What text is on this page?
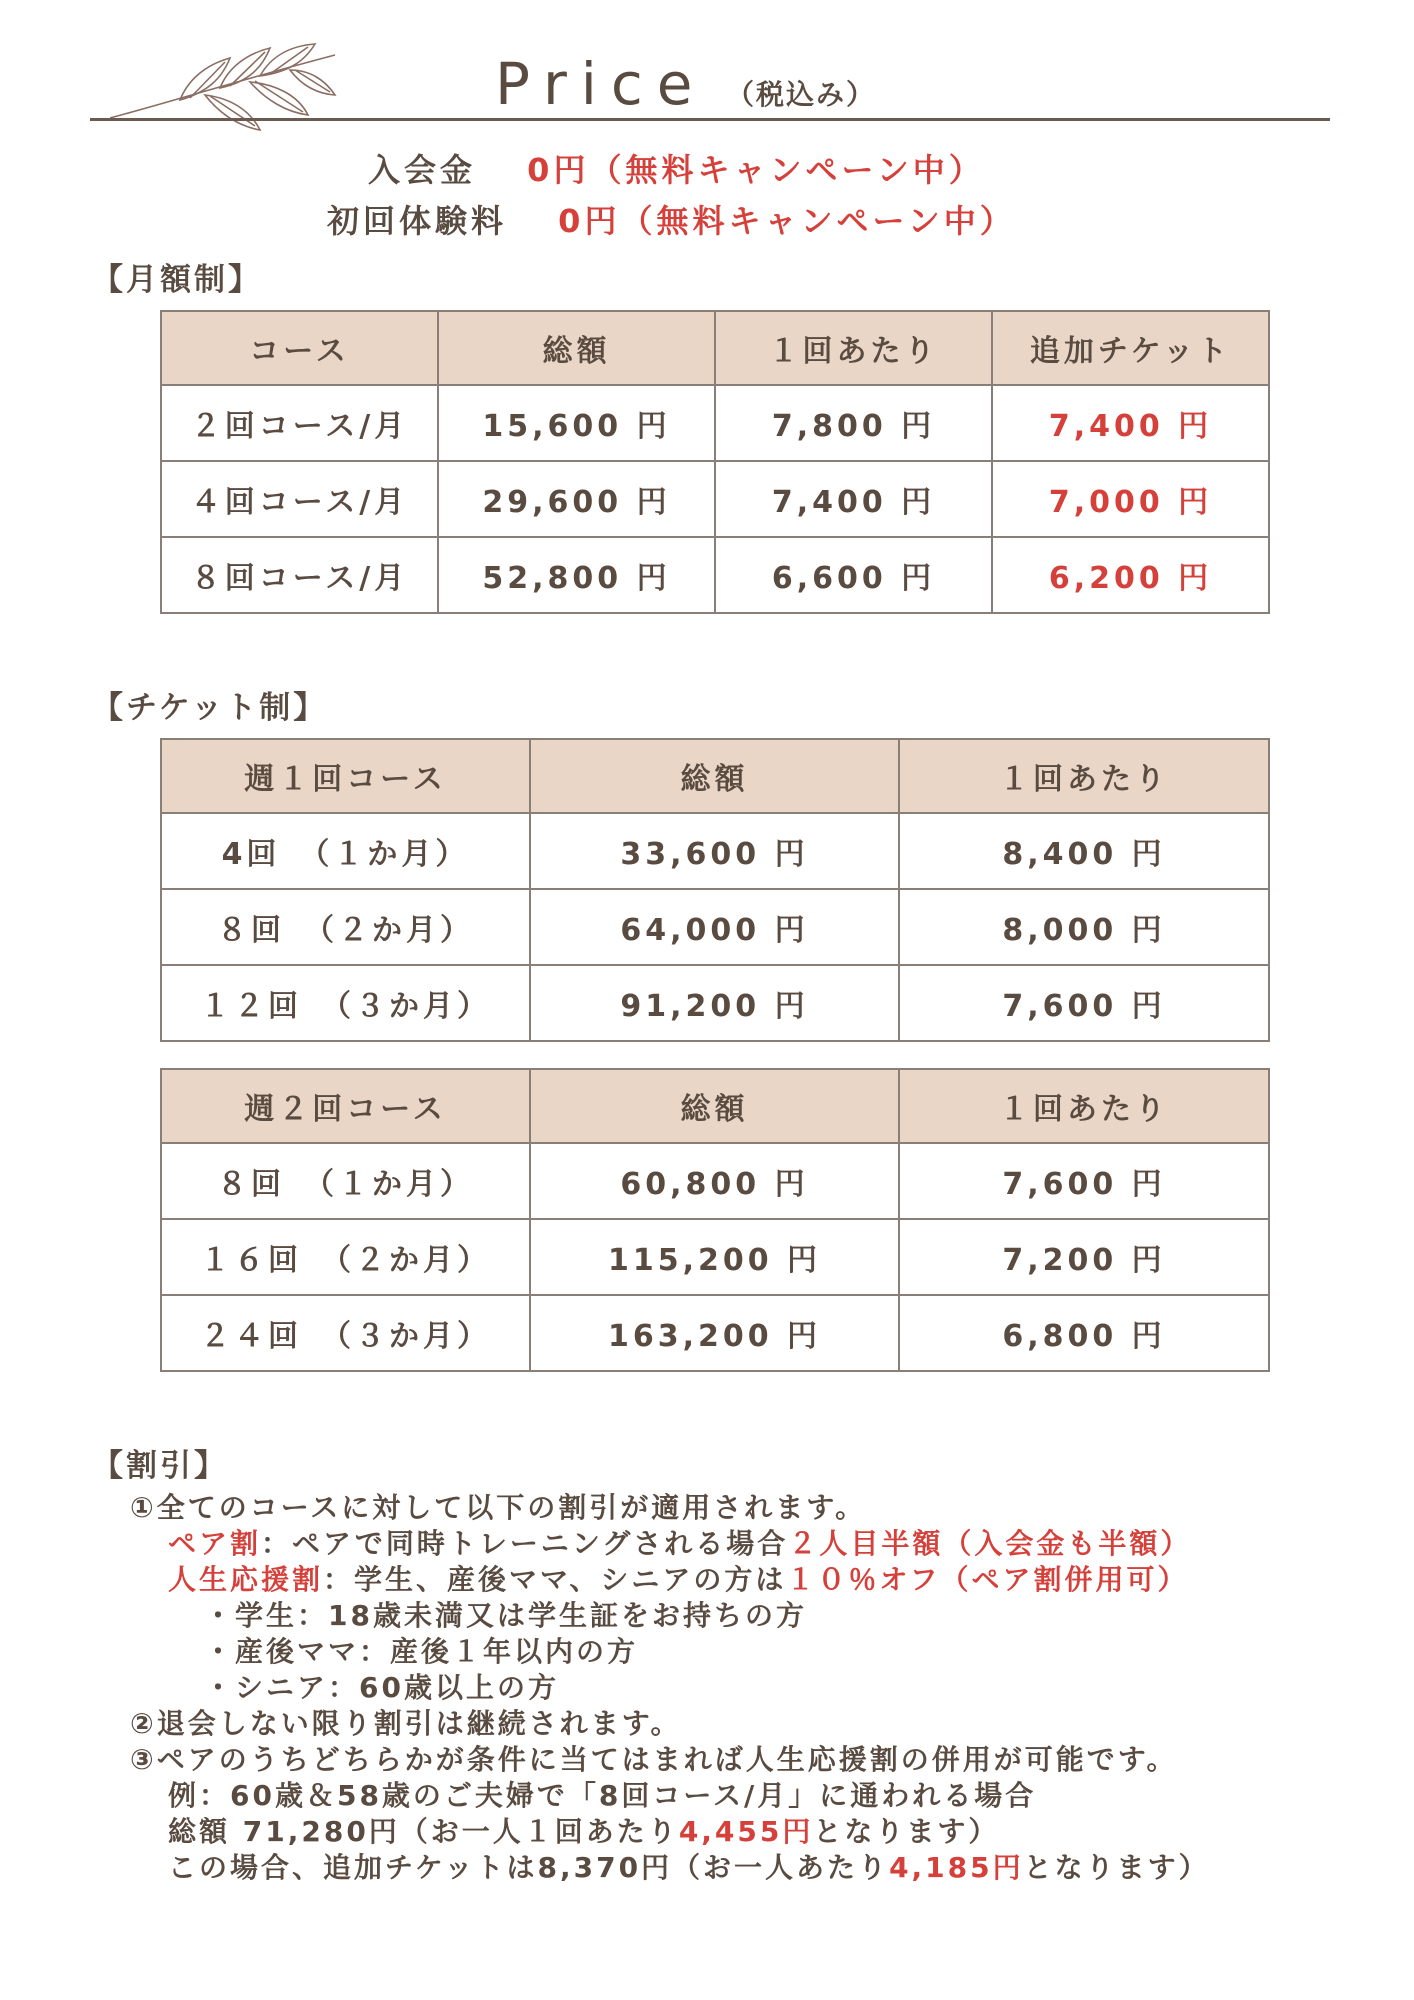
Price （税込み）
入会金　 0円（無料キャンペーン中）
初回体験料　 0円（無料キャンペーン中）
【月額制】
コース	総額	１回あたり	追加チケット
２回コース/月	15,600 円	7,800 円	7,400 円
４回コース/月	29,600 円	7,400 円	7,000 円
８回コース/月	52,800 円	6,600 円	6,200 円
【チケット制】
週１回コース	総額	１回あたり
4回　（１か月）	33,600 円	8,400 円
８回　（２か月）	64,000 円	8,000 円
１２回　（３か月）	91,200 円	7,600 円
週２回コース	総額	１回あたり
８回　（１か月）	60,800 円	7,600 円
１６回　（２か月）	115,200 円	7,200 円
２４回　（３か月）	163,200 円	6,800 円
【割引】
①全てのコースに対して以下の割引が適用されます。
ペア割：ペアで同時トレーニングされる場合２人目半額（入会金も半額）
人生応援割：学生、産後ママ、シニアの方は１０％オフ（ペア割併用可）
・学生：18歳未満又は学生証をお持ちの方
・産後ママ：産後１年以内の方
・シニア：60歳以上の方
②退会しない限り割引は継続されます。
③ペアのうちどちらかが条件に当てはまれば人生応援割の併用が可能です。
例：60歳＆58歳のご夫婦で「8回コース/月」に通われる場合
総額 71,280円（お一人１回あたり4,455円となります）
この場合、追加チケットは8,370円（お一人あたり4,185円となります）
